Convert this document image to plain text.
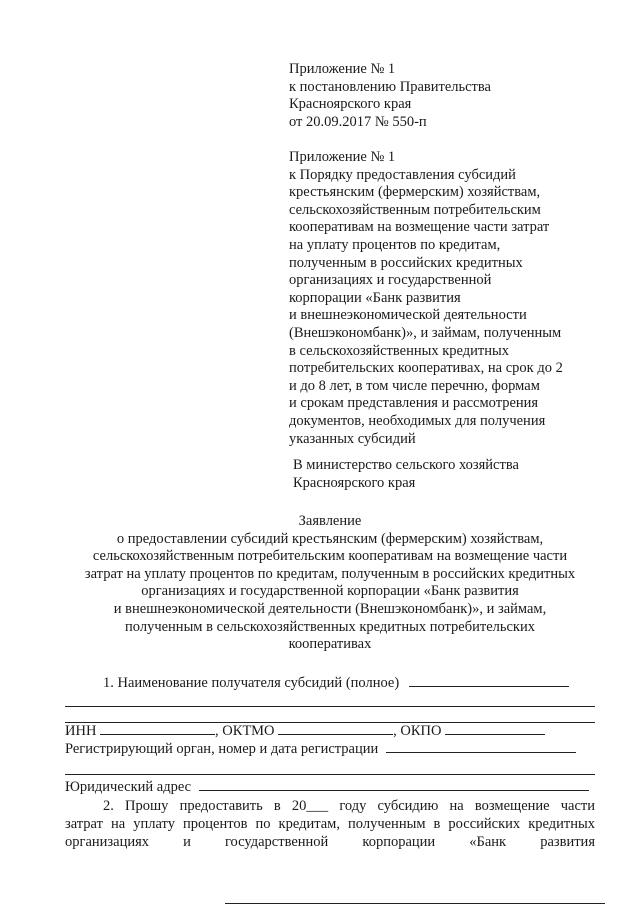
Приложение № 1
к постановлению Правительства
Красноярского края
от 20.09.2017 № 550-п
Приложение № 1
к Порядку предоставления субсидий
крестьянским (фермерским) хозяйствам,
сельскохозяйственным потребительским
кооперативам на возмещение части затрат
на уплату процентов по кредитам,
полученным в российских кредитных
организациях и государственной
корпорации «Банк развития
и внешнеэкономической деятельности
(Внешэкономбанк)», и займам, полученным
в сельскохозяйственных кредитных
потребительских кооперативах, на срок до 2
и до 8 лет, в том числе перечню, формам
и срокам представления и рассмотрения
документов, необходимых для получения
указанных субсидий
В министерство сельского хозяйства
Красноярского края
Заявление
о предоставлении субсидий крестьянским (фермерским) хозяйствам,
сельскохозяйственным потребительским кооперативам на возмещение части
затрат на уплату процентов по кредитам, полученным в российских кредитных
организациях и государственной корпорации «Банк развития
и внешнеэкономической деятельности (Внешэкономбанк)», и займам,
полученным в сельскохозяйственных кредитных потребительских
кооперативах
1. Наименование получателя субсидий (полное)
ИНН	, ОКТМО	, ОКПО
Регистрирующий орган, номер и дата регистрации
Юридический адрес
2. Прошу предоставить в 20___ году субсидию на возмещение части
затрат на уплату процентов по кредитам, полученным в российских кредитных
организациях и государственной корпорации «Банк развития
